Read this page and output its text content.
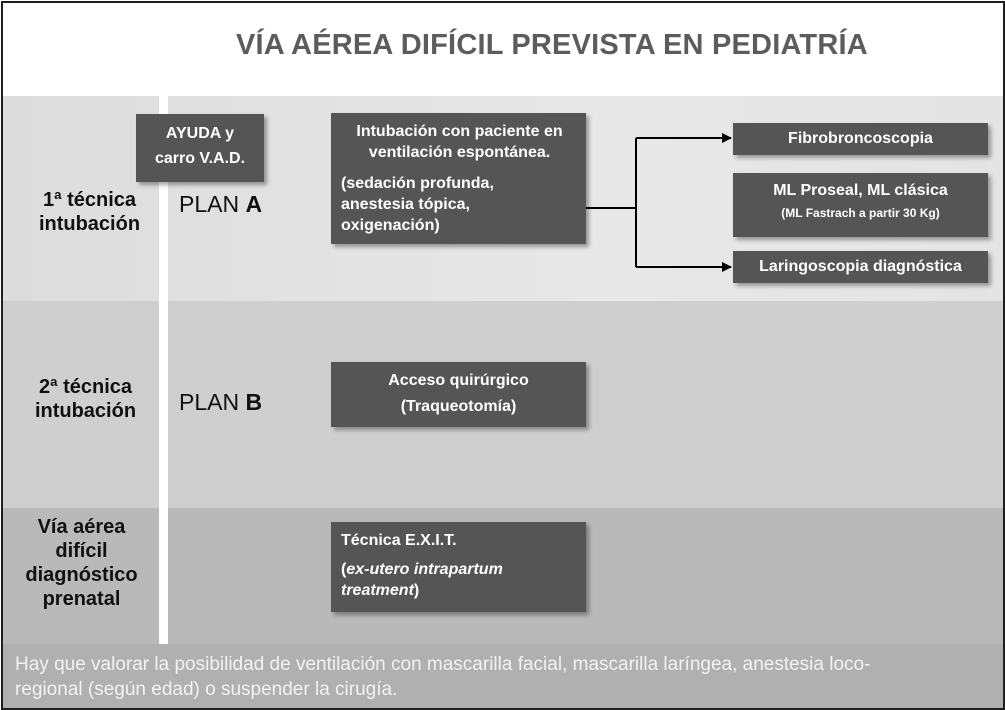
VÍA AÉREA DIFÍCIL PREVISTA EN PEDIATRÍA
1ª técnica
intubación
2ª técnica
intubación
Vía aérea
difícil
diagnóstico
prenatal
PLAN A
PLAN B
AYUDA y
carro V.A.D.
Intubación con paciente en
ventilación espontánea.
(sedación profunda,
anestesia tópica,
oxigenación)
Fibrobroncoscopia
ML Proseal, ML clásica
(ML Fastrach a partir 30 Kg)
Laringoscopia diagnóstica
Acceso quirúrgico
(Traqueotomía)
Técnica E.X.I.T.
(ex-utero intrapartum
treatment)
Hay que valorar la posibilidad de ventilación con mascarilla facial, mascarilla laríngea, anestesia loco-
regional (según edad) o suspender la cirugía.
